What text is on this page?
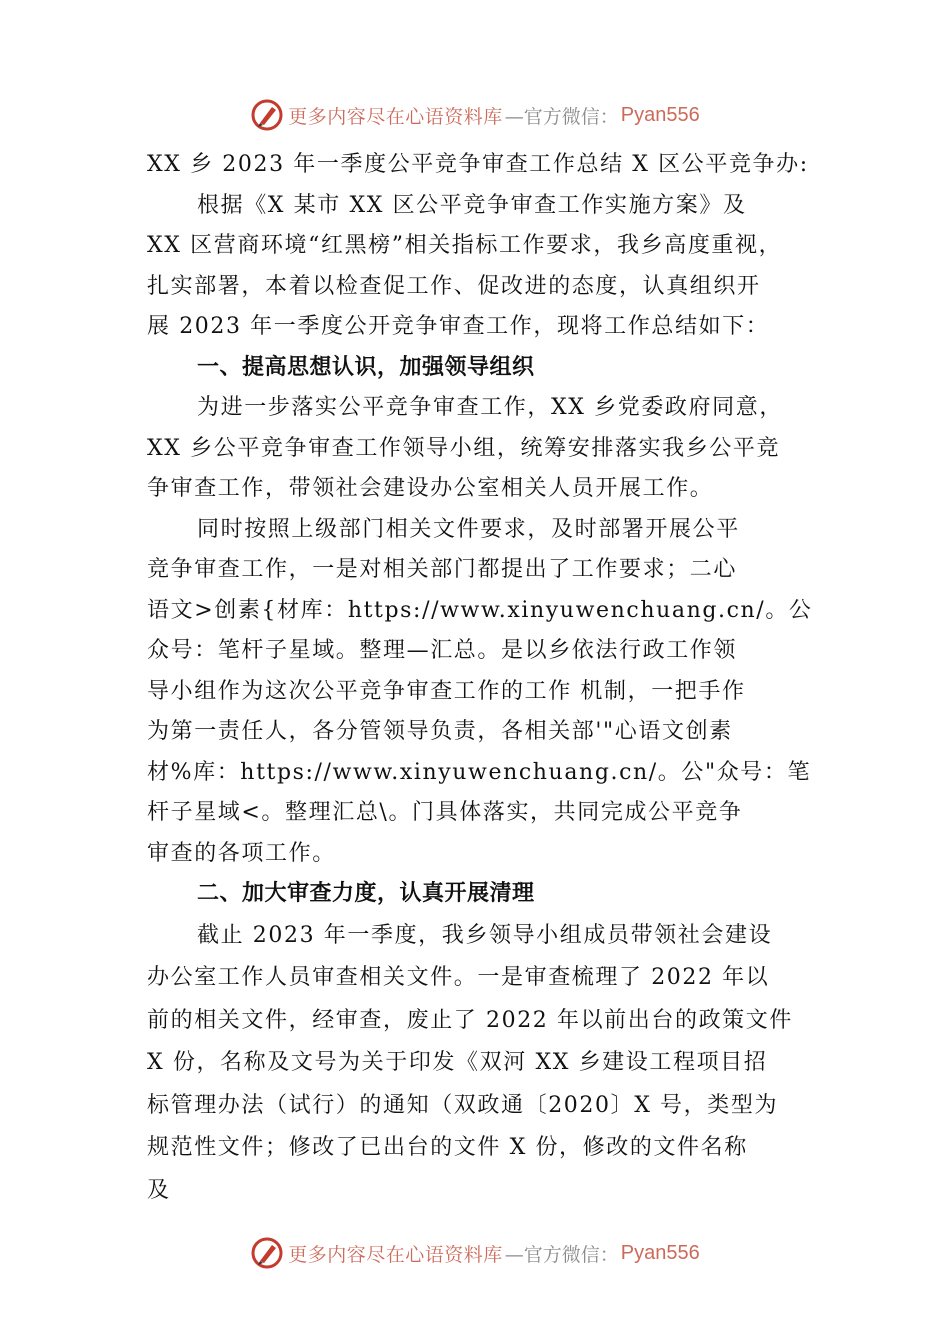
更多内容尽在心语资料库 —官方微信： Pyan556
XX 乡 2023 年一季度公平竞争审查工作总结 X 区公平竞争办:
根据《X 某市 XX 区公平竞争审查工作实施方案》及
XX 区营商环境“红黑榜”相关指标工作要求，我乡高度重视，
扎实部署，本着以检查促工作、促改进的态度，认真组织开
展 2023 年一季度公开竞争审查工作，现将工作总结如下：
一、提高思想认识，加强领导组织
为进一步落实公平竞争审查工作，XX 乡党委政府同意，
XX 乡公平竞争审查工作领导小组，统筹安排落实我乡公平竞
争审查工作，带领社会建设办公室相关人员开展工作。
同时按照上级部门相关文件要求，及时部署开展公平
竞争审查工作，一是对相关部门都提出了工作要求；二心
语文>创素{材库：https://www.xinyuwenchuang.cn/。公
众号：笔杆子星域。整理—汇总。是以乡依法行政工作领
导小组作为这次公平竞争审查工作的工作 机制，一把手作
为第一责任人，各分管领导负责，各相关部'"心语文创素
材%库：https://www.xinyuwenchuang.cn/。公"众号：笔
杆子星域<。整理汇总\。门具体落实，共同完成公平竞争
审查的各项工作。
二、加大审查力度，认真开展清理
截止 2023 年一季度，我乡领导小组成员带领社会建设
办公室工作人员审查相关文件。一是审查梳理了 2022 年以
前的相关文件，经审查，废止了 2022 年以前出台的政策文件
X 份，名称及文号为关于印发《双河 XX 乡建设工程项目招
标管理办法（试行）的通知（双政通〔2020〕X 号，类型为
规范性文件；修改了已出台的文件 X 份，修改的文件名称
及
更多内容尽在心语资料库 —官方微信： Pyan556
